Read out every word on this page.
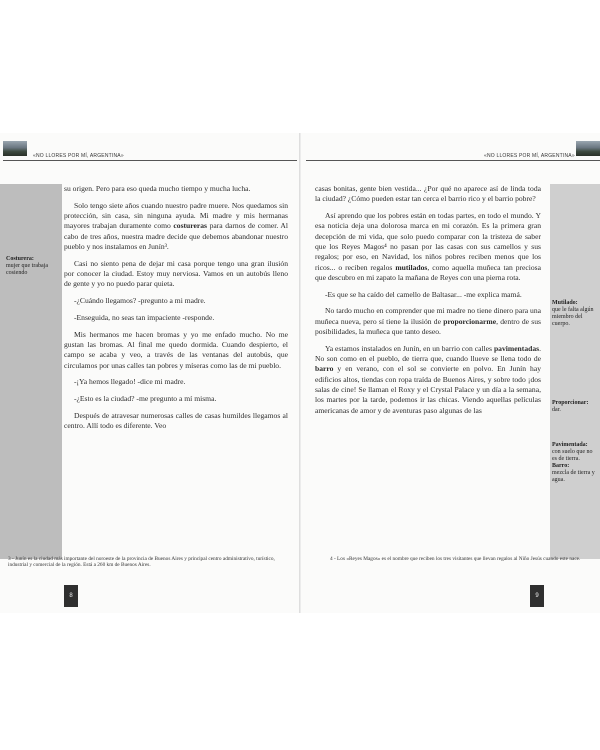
«NO LLORES POR MÍ, ARGENTINA»
Costurera:
mujer que trabaja cosiendo

su origen. Pero para eso queda mucho tiempo y mucha lucha.

Solo tengo siete años cuando nuestro padre muere. Nos quedamos sin protección, sin casa, sin ninguna ayuda. Mi madre y mis hermanas mayores trabajan duramente como costureras para darnos de comer. Al cabo de tres años, nuestra madre decide que debemos abandonar nuestro pueblo y nos instalamos en Junín³.

Casi no siento pena de dejar mi casa porque tengo una gran ilusión por conocer la ciudad. Estoy muy nerviosa. Vamos en un autobús lleno de gente y yo no puedo parar quieta.

-¿Cuándo llegamos? -pregunto a mi madre.

-Enseguida, no seas tan impaciente -responde.

Mis hermanos me hacen bromas y yo me enfado mucho. No me gustan las bromas. Al final me quedo dormida. Cuando despierto, el campo se acaba y veo, a través de las ventanas del autobús, que circulamos por unas calles tan pobres y míseras como las de mi pueblo.

-¡Ya hemos llegado! -dice mi madre.

-¿Esto es la ciudad? -me pregunto a mí misma.

Después de atravesar numerosas calles de casas humildes llegamos al centro. Allí todo es diferente. Veo

3 - Junín es la ciudad más importante del noroeste de la provincia de Buenos Aires y principal centro administrativo, turístico, industrial y comercial de la región. Está a 260 km de Buenos Aires.
8
«NO LLORES POR MÍ, ARGENTINA»
Mutilado:
que le falta algún miembro del cuerpo.
Proporcionar:
dar.
Pavimentada:
con suelo que no es de tierra.
Barro:
mezcla de tierra y agua.

casas bonitas, gente bien vestida... ¿Por qué no aparece así de linda toda la ciudad? ¿Cómo pueden estar tan cerca el barrio rico y el barrio pobre?

Así aprendo que los pobres están en todas partes, en todo el mundo. Y esa noticia deja una dolorosa marca en mi corazón. Es la primera gran decepción de mi vida, que solo puedo comparar con la tristeza de saber que los Reyes Magos⁴ no pasan por las casas con sus camellos y sus regalos; por eso, en Navidad, los niños pobres reciben menos que los ricos... o reciben regalos mutilados, como aquella muñeca tan preciosa que descubro en mi zapato la mañana de Reyes con una pierna rota.

-Es que se ha caído del camello de Baltasar... -me explica mamá.

No tardo mucho en comprender que mi madre no tiene dinero para una muñeca nueva, pero sí tiene la ilusión de proporcionarme, dentro de sus posibilidades, la muñeca que tanto deseo.

Ya estamos instalados en Junín, en un barrio con calles pavimentadas. No son como en el pueblo, de tierra que, cuando llueve se llena todo de barro y en verano, con el sol se convierte en polvo. En Junín hay edificios altos, tiendas con ropa traída de Buenos Aires, y sobre todo ¡dos salas de cine! Se llaman el Roxy y el Crystal Palace y un día a la semana, los martes por la tarde, podemos ir las chicas. Viendo aquellas películas americanas de amor y de aventuras paso algunas de las

4 - Los «Reyes Magos» es el nombre que reciben los tres visitantes que llevan regalos al Niño Jesús cuando este nace.
9
